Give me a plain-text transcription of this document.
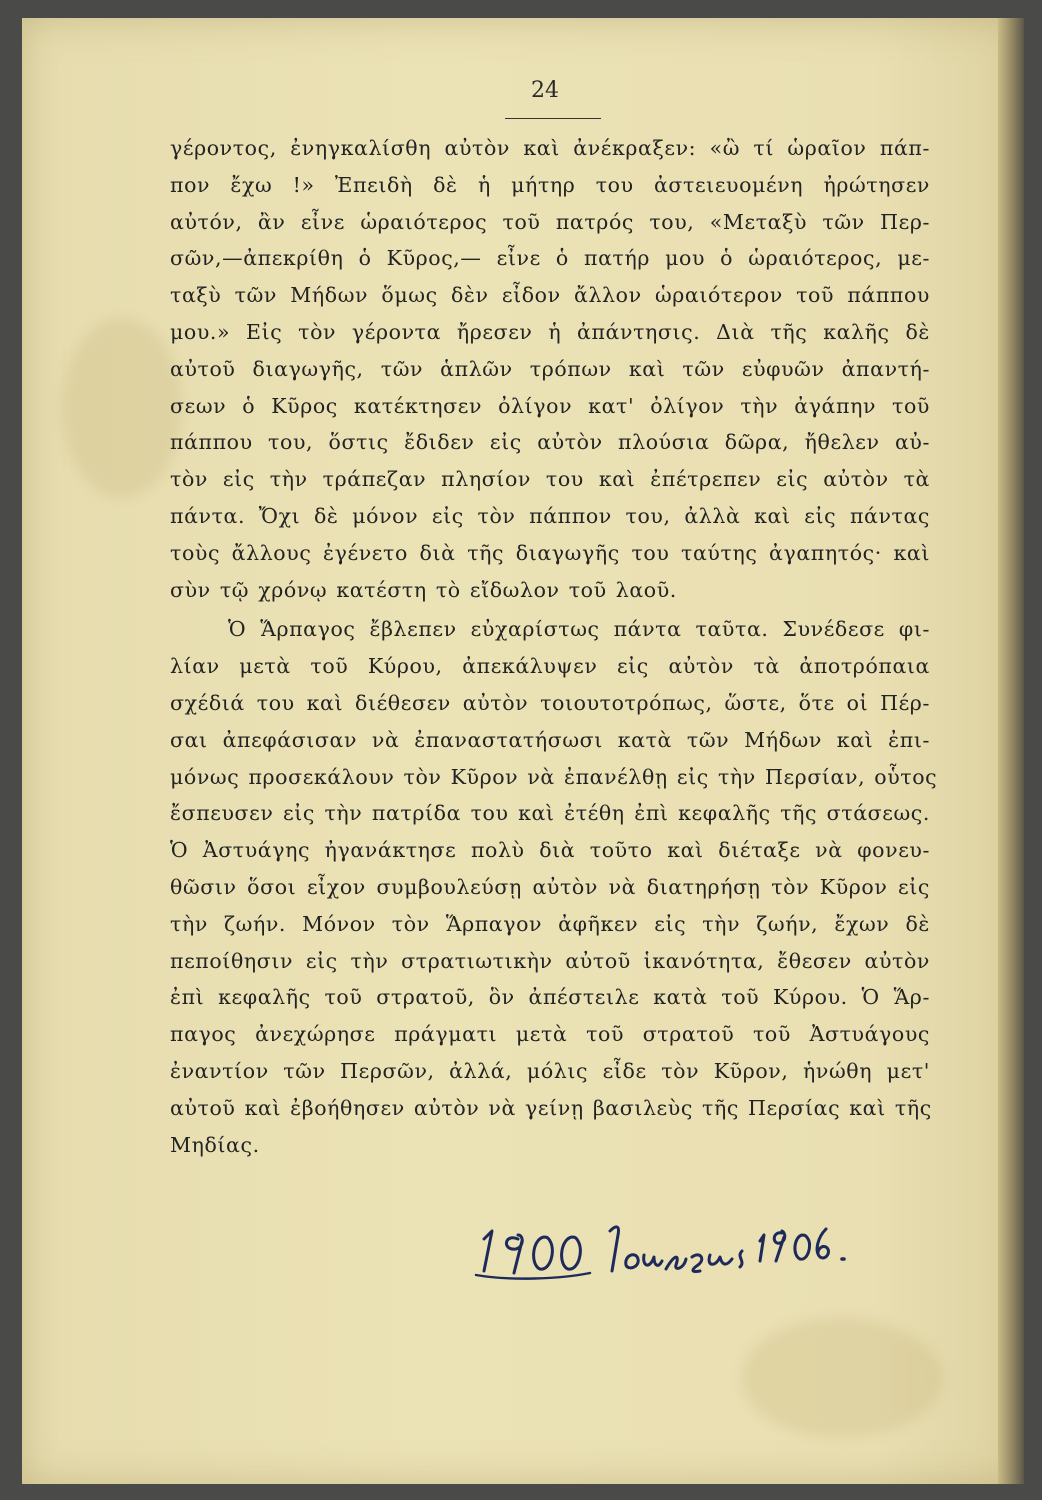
24
γέροντος, ἐνηγκαλίσθη αὐτὸν καὶ ἀνέκραξεν: «ὢ τί ὡραῖον πάπ-
πον ἔχω !» Ἐπειδὴ δὲ ἡ μήτηρ του ἀστειευομένη ἠρώτησεν
αὐτόν, ἂν εἶνε ὡραιότερος τοῦ πατρός του, «Μεταξὺ τῶν Περ-
σῶν,—ἀπεκρίθη ὁ Κῦρος,— εἶνε ὁ πατήρ μου ὁ ὡραιότερος, με-
ταξὺ τῶν Μήδων ὅμως δὲν εἶδον ἄλλον ὡραιότερον τοῦ πάππου
μου.» Εἰς τὸν γέροντα ἤρεσεν ἡ ἀπάντησις. Διὰ τῆς καλῆς δὲ
αὐτοῦ διαγωγῆς, τῶν ἁπλῶν τρόπων καὶ τῶν εὐφυῶν ἀπαντή-
σεων ὁ Κῦρος κατέκτησεν ὀλίγον κατ' ὀλίγον τὴν ἀγάπην τοῦ
πάππου του, ὅστις ἔδιδεν εἰς αὐτὸν πλούσια δῶρα, ἤθελεν αὐ-
τὸν εἰς τὴν τράπεζαν πλησίον του καὶ ἐπέτρεπεν εἰς αὐτὸν τὰ
πάντα. Ὄχι δὲ μόνον εἰς τὸν πάππον του, ἀλλὰ καὶ εἰς πάντας
τοὺς ἄλλους ἐγένετο διὰ τῆς διαγωγῆς του ταύτης ἀγαπητός· καὶ
σὺν τῷ χρόνῳ κατέστη τὸ εἴδωλον τοῦ λαοῦ.
Ὁ Ἅρπαγος ἔβλεπεν εὐχαρίστως πάντα ταῦτα. Συνέδεσε φι-
λίαν μετὰ τοῦ Κύρου, ἀπεκάλυψεν εἰς αὐτὸν τὰ ἀποτρόπαια
σχέδιά του καὶ διέθεσεν αὐτὸν τοιουτοτρόπως, ὥστε, ὅτε οἱ Πέρ-
σαι ἀπεφάσισαν νὰ ἐπαναστατήσωσι κατὰ τῶν Μήδων καὶ ἐπι-
μόνως προσεκάλουν τὸν Κῦρον νὰ ἐπανέλθῃ εἰς τὴν Περσίαν, οὗτος
ἔσπευσεν εἰς τὴν πατρίδα του καὶ ἐτέθη ἐπὶ κεφαλῆς τῆς στάσεως.
Ὁ Ἀστυάγης ἠγανάκτησε πολὺ διὰ τοῦτο καὶ διέταξε νὰ φονευ-
θῶσιν ὅσοι εἶχον συμβουλεύσῃ αὐτὸν νὰ διατηρήσῃ τὸν Κῦρον εἰς
τὴν ζωήν. Μόνον τὸν Ἅρπαγον ἀφῆκεν εἰς τὴν ζωήν, ἔχων δὲ
πεποίθησιν εἰς τὴν στρατιωτικὴν αὐτοῦ ἱκανότητα, ἔθεσεν αὐτὸν
ἐπὶ κεφαλῆς τοῦ στρατοῦ, ὃν ἀπέστειλε κατὰ τοῦ Κύρου. Ὁ Ἅρ-
παγος ἀνεχώρησε πράγματι μετὰ τοῦ στρατοῦ τοῦ Ἀστυάγους
ἐναντίον τῶν Περσῶν, ἀλλά, μόλις εἶδε τὸν Κῦρον, ἡνώθη μετ'
αὐτοῦ καὶ ἐβοήθησεν αὐτὸν νὰ γείνῃ βασιλεὺς τῆς Περσίας καὶ τῆς
Μηδίας.
